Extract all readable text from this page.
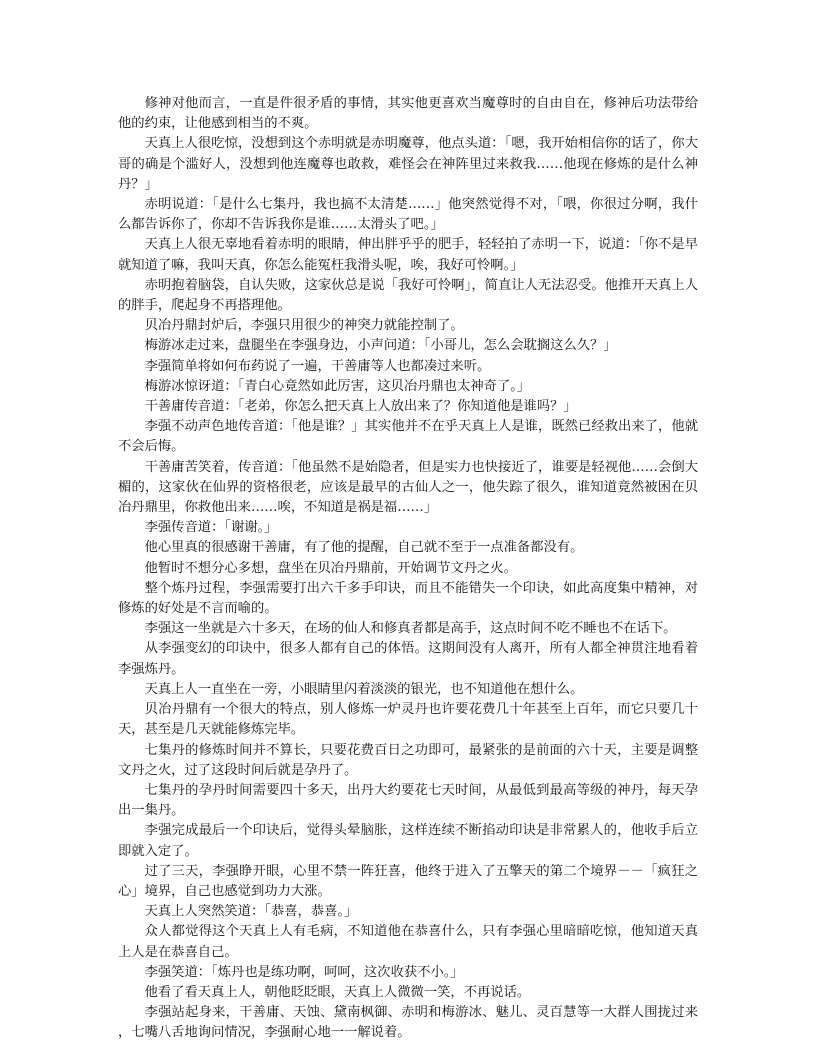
修神对他而言，一直是件很矛盾的事情，其实他更喜欢当魔尊时的自由自在，修神后功法带给他的约束，让他感到相当的不爽。

天真上人很吃惊，没想到这个赤明就是赤明魔尊，他点头道：「嗯，我开始相信你的话了，你大哥的确是个滥好人，没想到他连魔尊也敢救，难怪会在神阵里过来救我……他现在修炼的是什么神丹？」

赤明说道：「是什么七集丹，我也搞不太清楚……」他突然觉得不对，「喂，你很过分啊，我什么都告诉你了，你却不告诉我你是谁……太滑头了吧。」

天真上人很无辜地看着赤明的眼睛，伸出胖乎乎的肥手，轻轻拍了赤明一下，说道：「你不是早就知道了嘛，我叫天真，你怎么能冤枉我滑头呢，唉，我好可怜啊。」

赤明抱着脑袋，自认失败，这家伙总是说「我好可怜啊」，简直让人无法忍受。他推开天真上人的胖手，爬起身不再搭理他。

贝冶丹鼎封炉后，李强只用很少的神突力就能控制了。

梅游冰走过来，盘腿坐在李强身边，小声问道：「小哥儿，怎么会耽搁这么久？」

李强简单将如何布药说了一遍，干善庸等人也都凑过来听。

梅游冰惊讶道：「青白心竟然如此厉害，这贝冶丹鼎也太神奇了。」

干善庸传音道：「老弟，你怎么把天真上人放出来了？你知道他是谁吗？」

李强不动声色地传音道：「他是谁？」其实他并不在乎天真上人是谁，既然已经救出来了，他就不会后悔。

干善庸苦笑着，传音道：「他虽然不是始隐者，但是实力也快接近了，谁要是轻视他……会倒大楣的，这家伙在仙界的资格很老，应该是最早的古仙人之一，他失踪了很久，谁知道竟然被困在贝冶丹鼎里，你救他出来……唉，不知道是祸是福……」

李强传音道：「谢谢。」

他心里真的很感谢干善庸，有了他的提醒，自己就不至于一点准备都没有。

他暂时不想分心多想，盘坐在贝冶丹鼎前，开始调节文丹之火。

整个炼丹过程，李强需要打出六千多手印诀，而且不能错失一个印诀，如此高度集中精神，对修炼的好处是不言而喻的。

李强这一坐就是六十多天，在场的仙人和修真者都是高手，这点时间不吃不睡也不在话下。

从李强变幻的印诀中，很多人都有自己的体悟。这期间没有人离开，所有人都全神贯注地看着李强炼丹。

天真上人一直坐在一旁，小眼睛里闪着淡淡的银光，也不知道他在想什么。

贝冶丹鼎有一个很大的特点，别人修炼一炉灵丹也许要花费几十年甚至上百年，而它只要几十天，甚至是几天就能修炼完毕。

七集丹的修炼时间并不算长，只要花费百日之功即可，最紧张的是前面的六十天，主要是调整文丹之火，过了这段时间后就是孕丹了。

七集丹的孕丹时间需要四十多天，出丹大约要花七天时间，从最低到最高等级的神丹，每天孕出一集丹。

李强完成最后一个印诀后，觉得头晕脑胀，这样连续不断掐动印诀是非常累人的，他收手后立即就入定了。

过了三天，李强睁开眼，心里不禁一阵狂喜，他终于进入了五擎天的第二个境界－－「疯狂之心」境界，自己也感觉到功力大涨。

天真上人突然笑道：「恭喜，恭喜。」

众人都觉得这个天真上人有毛病，不知道他在恭喜什么，只有李强心里暗暗吃惊，他知道天真上人是在恭喜自己。

李强笑道：「炼丹也是练功啊，呵呵，这次收获不小。」

他看了看天真上人，朝他眨眨眼，天真上人微微一笑，不再说话。

李强站起身来，干善庸、天蚀、黛南枫御、赤明和梅游冰、魅儿、灵百慧等一大群人围拢过来，七嘴八舌地询问情况，李强耐心地一一解说着。
